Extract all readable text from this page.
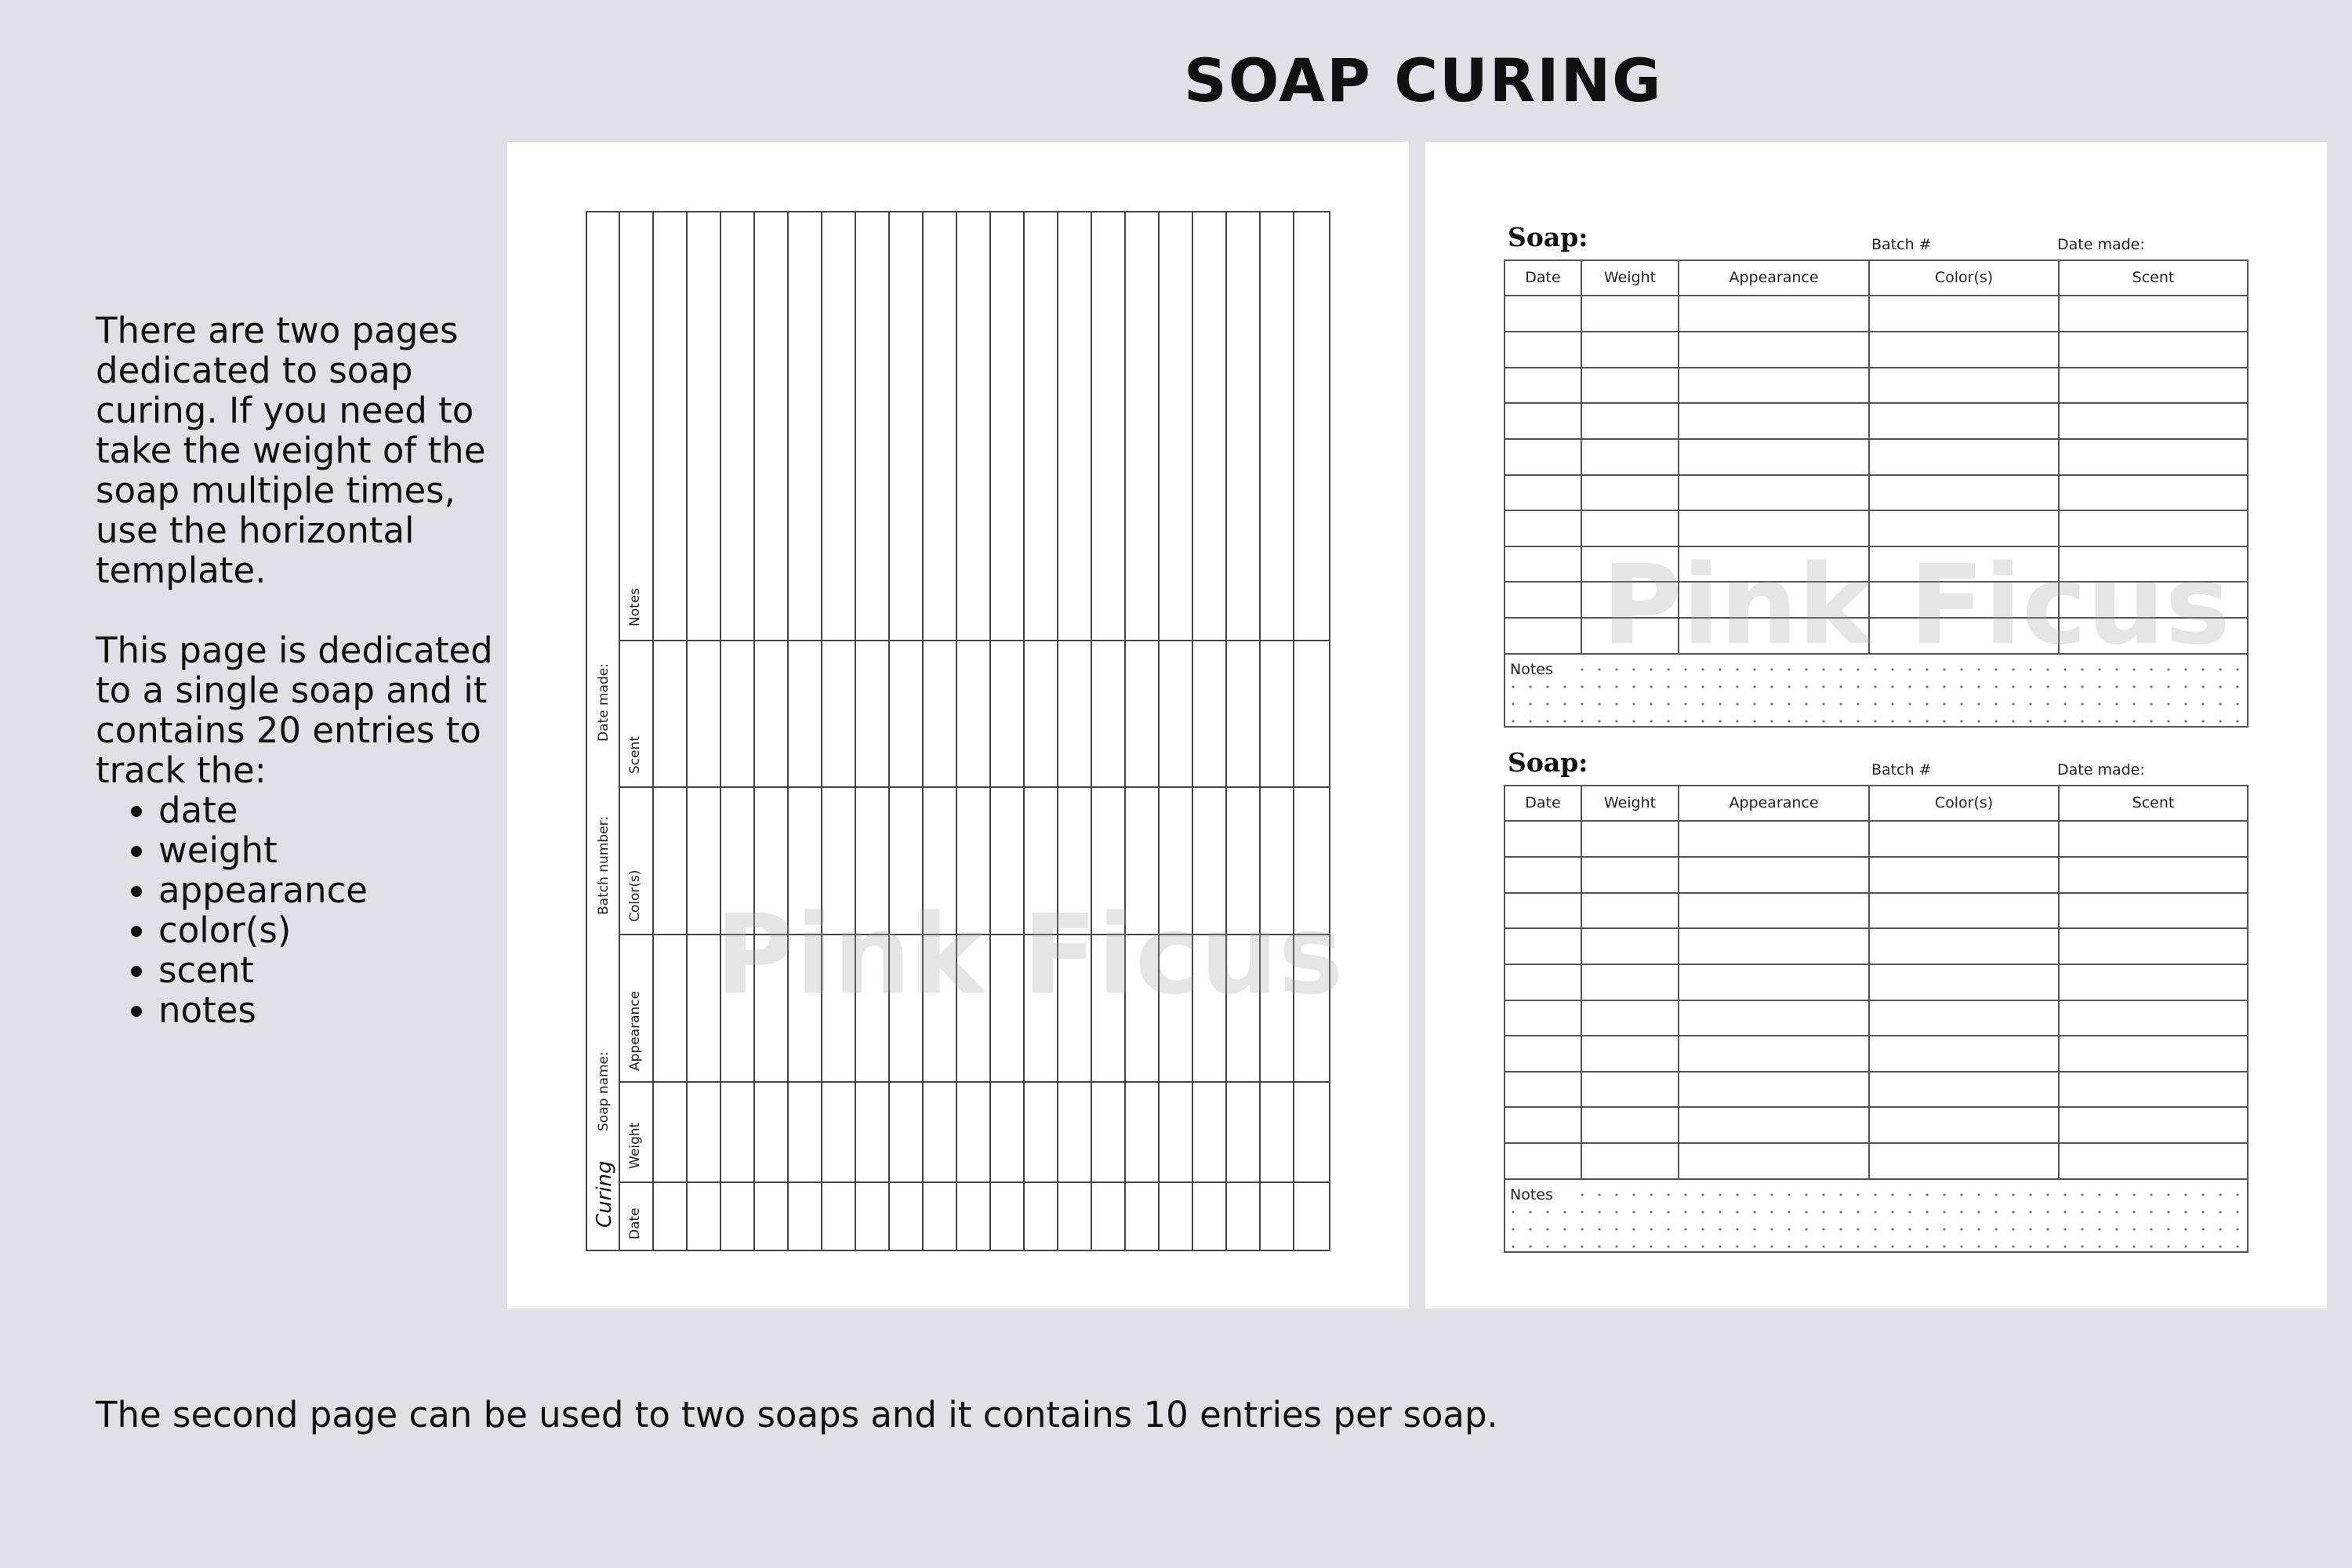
SOAP CURING

There are two pages dedicated to soap curing. If you need to take the weight of the soap multiple times, use the horizontal template.

This page is dedicated to a single soap and it contains 20 entries to track the:

• date
• weight
• appearance
• color(s)
• scent
• notes

The second page can be used to two soaps and it contains 10 entries per soap.

Curing
Soap name:
Batch number:
Date made:
Date
Weight
Appearance
Color(s)
Scent
Notes
Pink Ficus
Soap:	Batch #	Date made:
Date	Weight	Appearance	Color(s)	Scent
Notes
Soap:	Batch #	Date made:
Date	Weight	Appearance	Color(s)	Scent
Notes
Pink Ficus
